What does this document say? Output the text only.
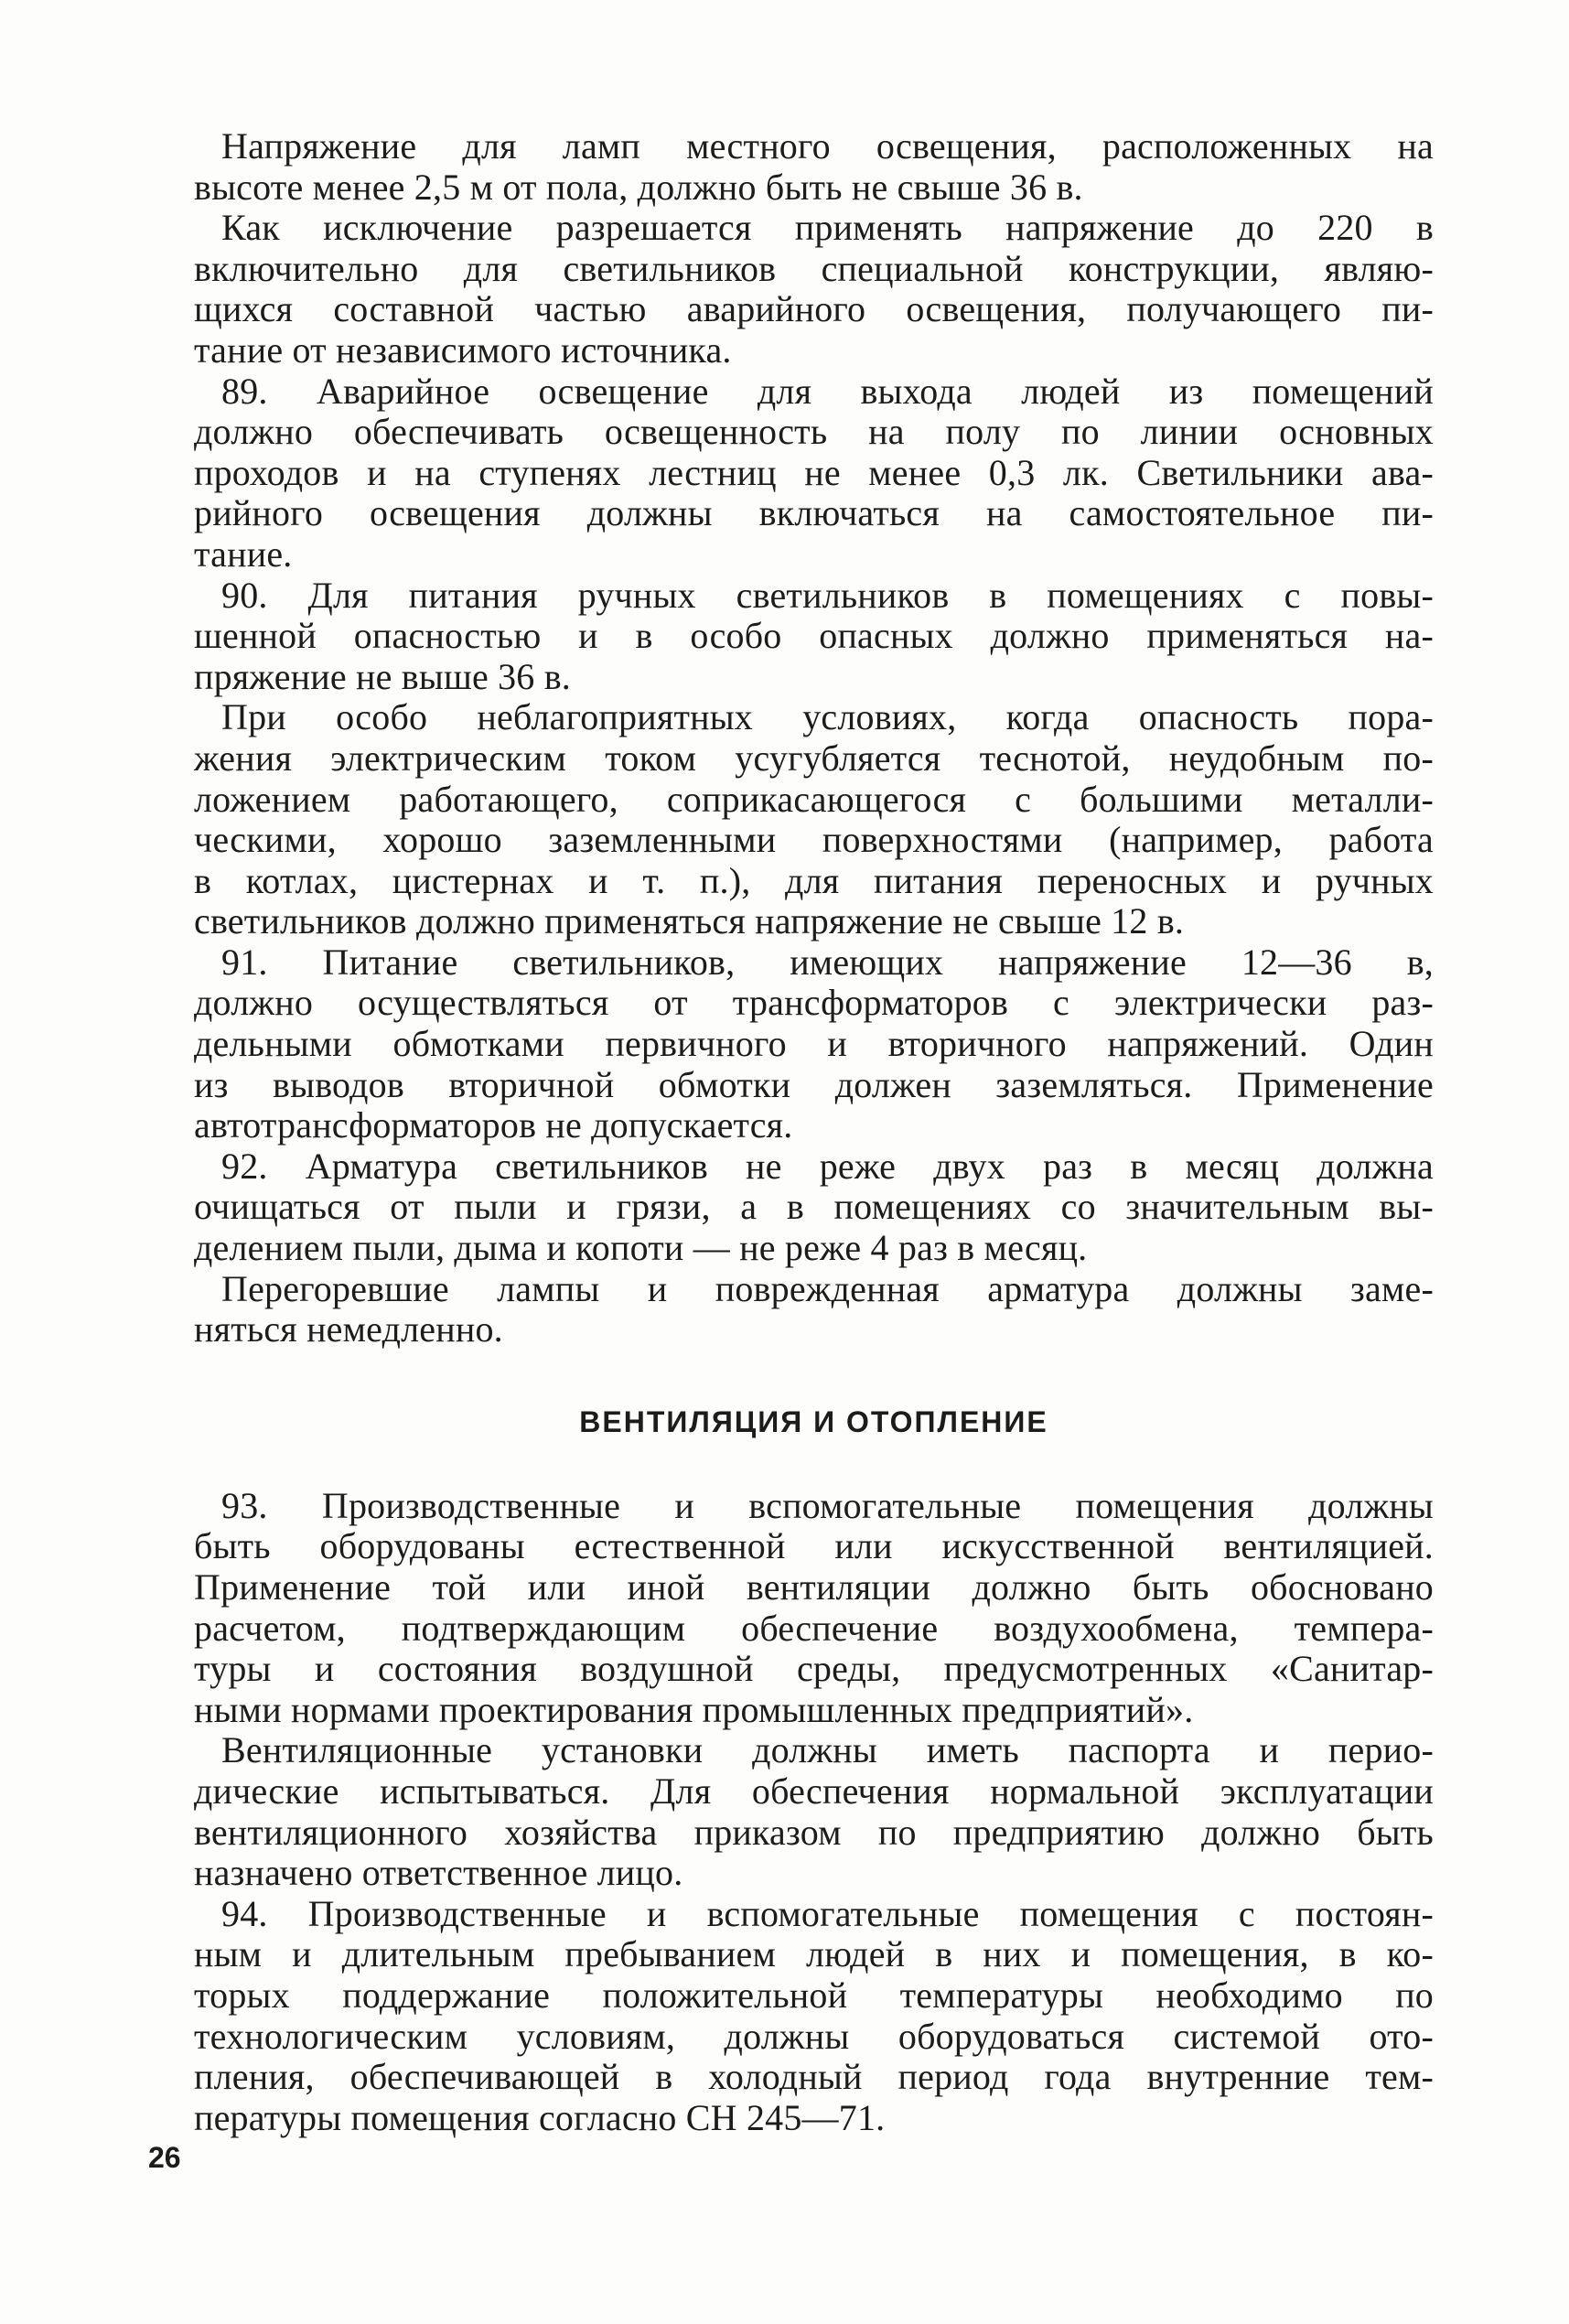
Напряжение для ламп местного освещения, расположенных на
высоте менее 2,5 м от пола, должно быть не свыше 36 в.
Как исключение разрешается применять напряжение до 220 в
включительно для светильников специальной конструкции, являю-
щихся составной частью аварийного освещения, получающего пи-
тание от независимого источника.
89. Аварийное освещение для выхода людей из помещений
должно обеспечивать освещенность на полу по линии основных
проходов и на ступенях лестниц не менее 0,3 лк. Светильники ава-
рийного освещения должны включаться на самостоятельное пи-
тание.
90. Для питания ручных светильников в помещениях с повы-
шенной опасностью и в особо опасных должно применяться на-
пряжение не выше 36 в.
При особо неблагоприятных условиях, когда опасность пора-
жения электрическим током усугубляется теснотой, неудобным по-
ложением работающего, соприкасающегося с большими металли-
ческими, хорошо заземленными поверхностями (например, работа
в котлах, цистернах и т. п.), для питания переносных и ручных
светильников должно применяться напряжение не свыше 12 в.
91. Питание светильников, имеющих напряжение 12—36 в,
должно осуществляться от трансформаторов с электрически раз-
дельными обмотками первичного и вторичного напряжений. Один
из выводов вторичной обмотки должен заземляться. Применение
автотрансформаторов не допускается.
92. Арматура светильников не реже двух раз в месяц должна
очищаться от пыли и грязи, а в помещениях со значительным вы-
делением пыли, дыма и копоти — не реже 4 раз в месяц.
Перегоревшие лампы и поврежденная арматура должны заме-
няться немедленно.
ВЕНТИЛЯЦИЯ И ОТОПЛЕНИЕ
93. Производственные и вспомогательные помещения должны
быть оборудованы естественной или искусственной вентиляцией.
Применение той или иной вентиляции должно быть обосновано
расчетом, подтверждающим обеспечение воздухообмена, темпера-
туры и состояния воздушной среды, предусмотренных «Санитар-
ными нормами проектирования промышленных предприятий».
Вентиляционные установки должны иметь паспорта и перио-
дические испытываться. Для обеспечения нормальной эксплуатации
вентиляционного хозяйства приказом по предприятию должно быть
назначено ответственное лицо.
94. Производственные и вспомогательные помещения с постоян-
ным и длительным пребыванием людей в них и помещения, в ко-
торых поддержание положительной температуры необходимо по
технологическим условиям, должны оборудоваться системой ото-
пления, обеспечивающей в холодный период года внутренние тем-
пературы помещения согласно СН 245—71.
26
